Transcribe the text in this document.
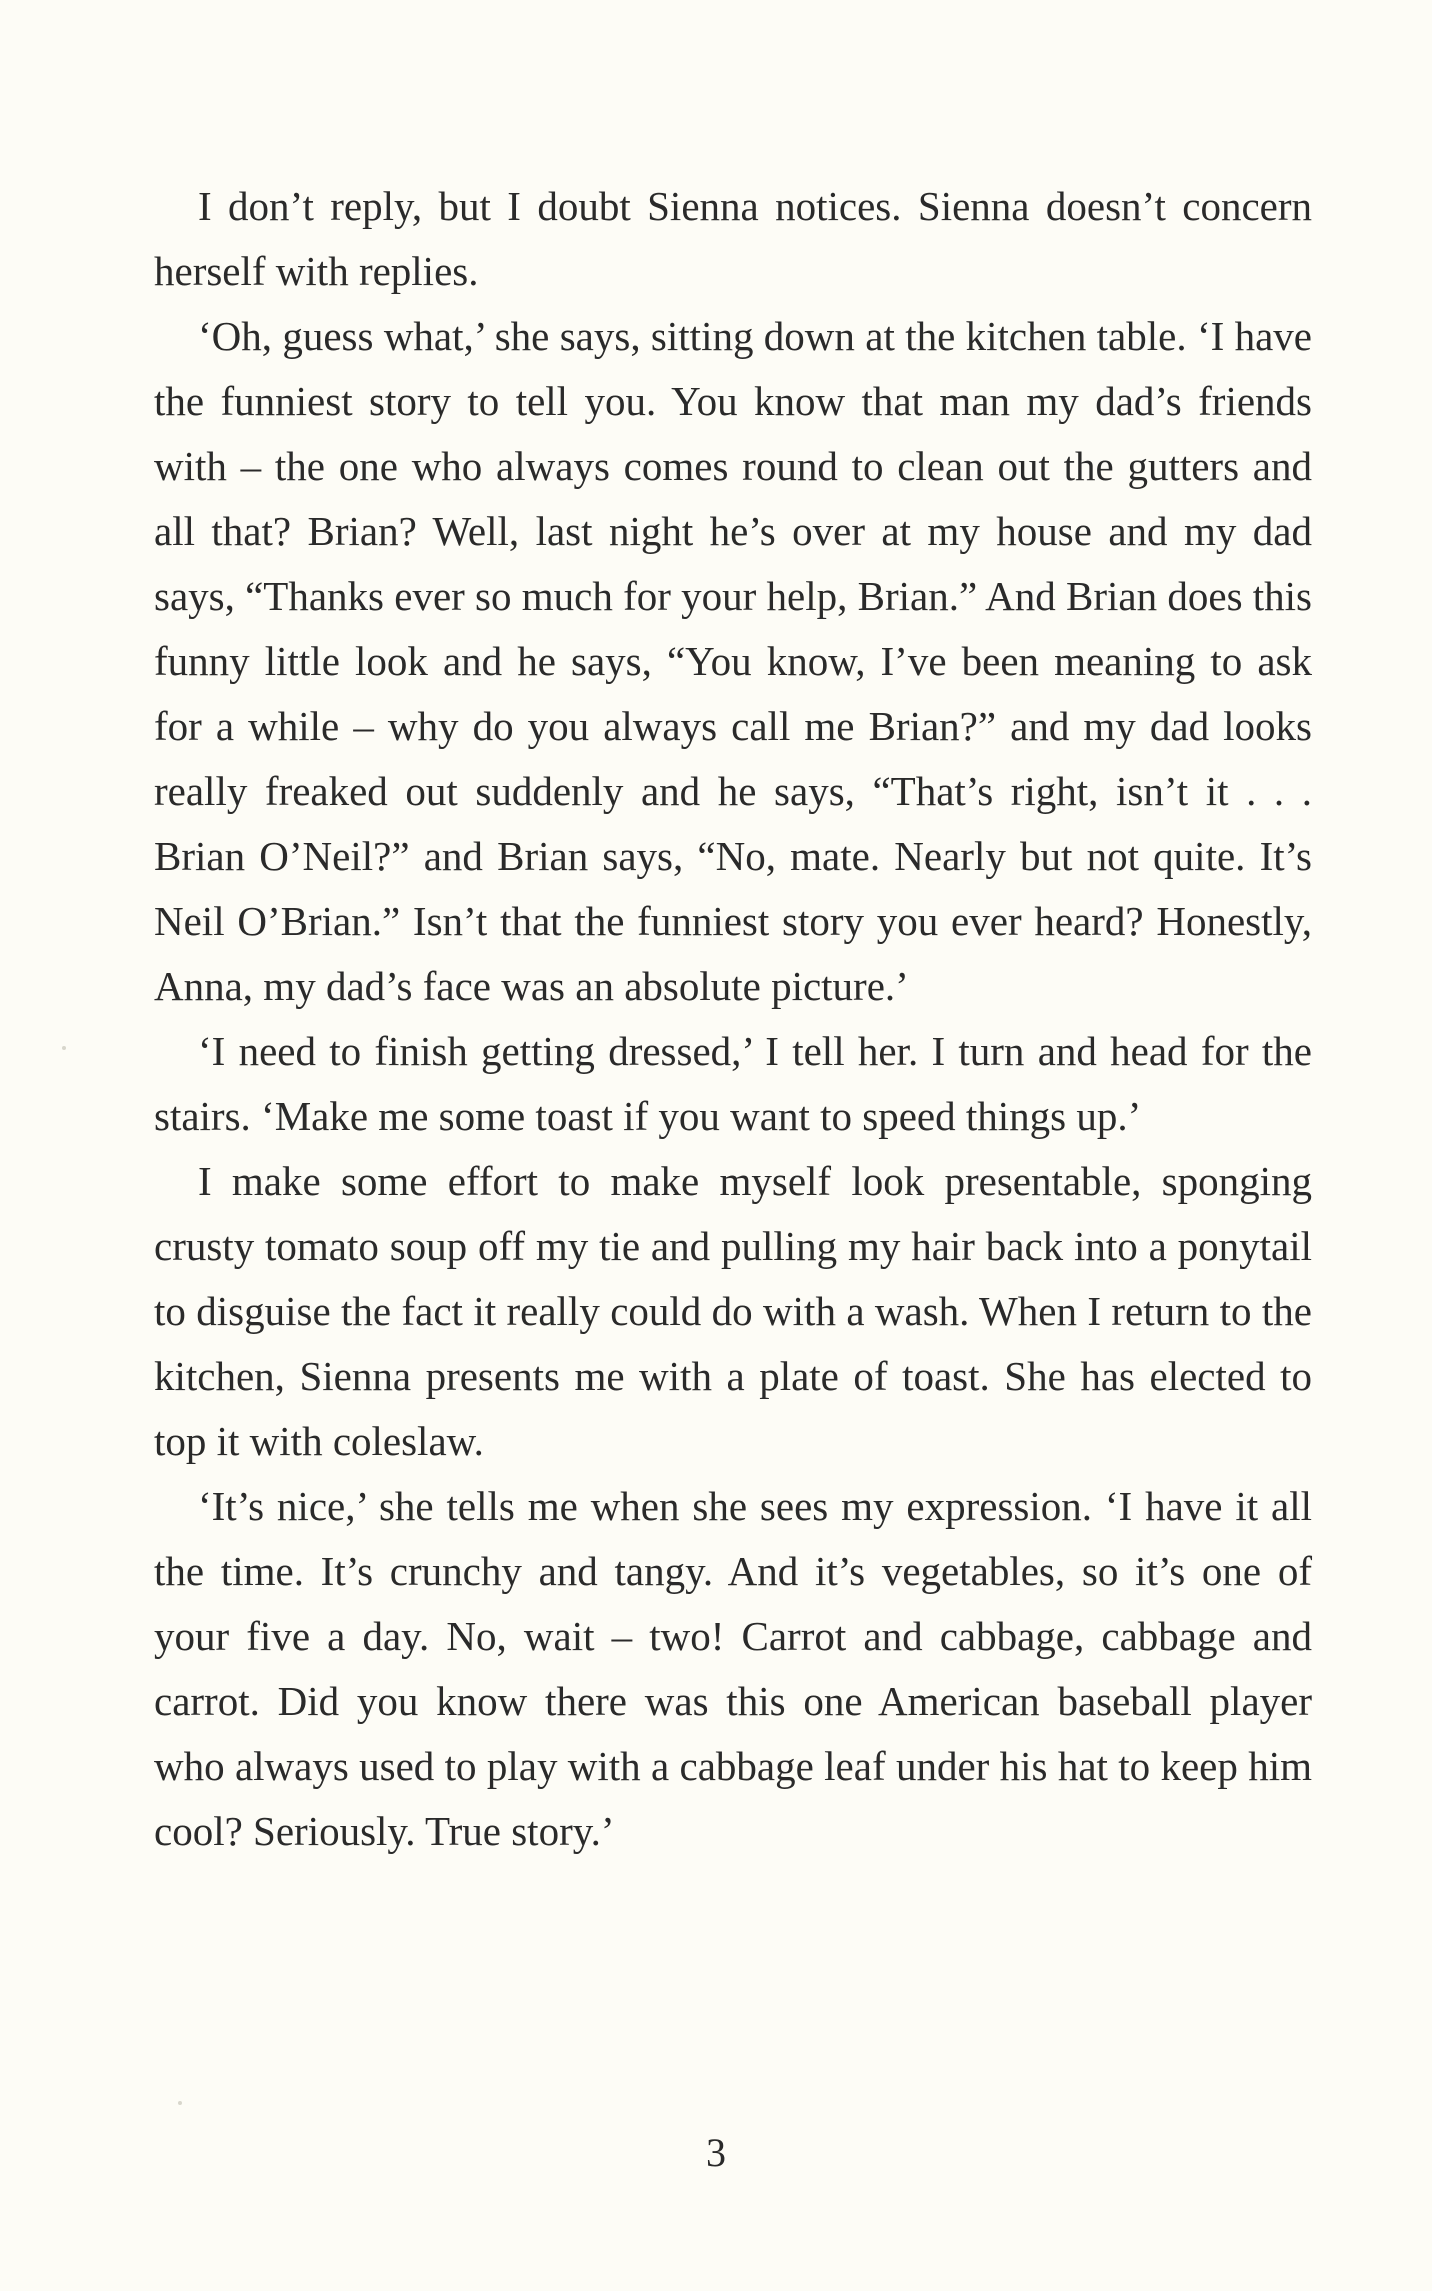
I don’t reply, but I doubt Sienna notices. Sienna doesn’t concern herself with replies.

‘Oh, guess what,’ she says, sitting down at the kitchen table. ‘I have the funniest story to tell you. You know that man my dad’s friends with – the one who always comes round to clean out the gutters and all that? Brian? Well, last night he’s over at my house and my dad says, “Thanks ever so much for your help, Brian.” And Brian does this funny little look and he says, “You know, I’ve been meaning to ask for a while – why do you always call me Brian?” and my dad looks really freaked out suddenly and he says, “That’s right, isn’t it . . . Brian O’Neil?” and Brian says, “No, mate. Nearly but not quite. It’s Neil O’Brian.” Isn’t that the funniest story you ever heard? Honestly, Anna, my dad’s face was an absolute picture.’

‘I need to finish getting dressed,’ I tell her. I turn and head for the stairs. ‘Make me some toast if you want to speed things up.’

I make some effort to make myself look presentable, sponging crusty tomato soup off my tie and pulling my hair back into a ponytail to disguise the fact it really could do with a wash. When I return to the kitchen, Sienna presents me with a plate of toast. She has elected to top it with coleslaw.

‘It’s nice,’ she tells me when she sees my expression. ‘I have it all the time. It’s crunchy and tangy. And it’s vegetables, so it’s one of your five a day. No, wait – two! Carrot and cabbage, cabbage and carrot. Did you know there was this one American baseball player who always used to play with a cabbage leaf under his hat to keep him cool? Seriously. True story.’

3
